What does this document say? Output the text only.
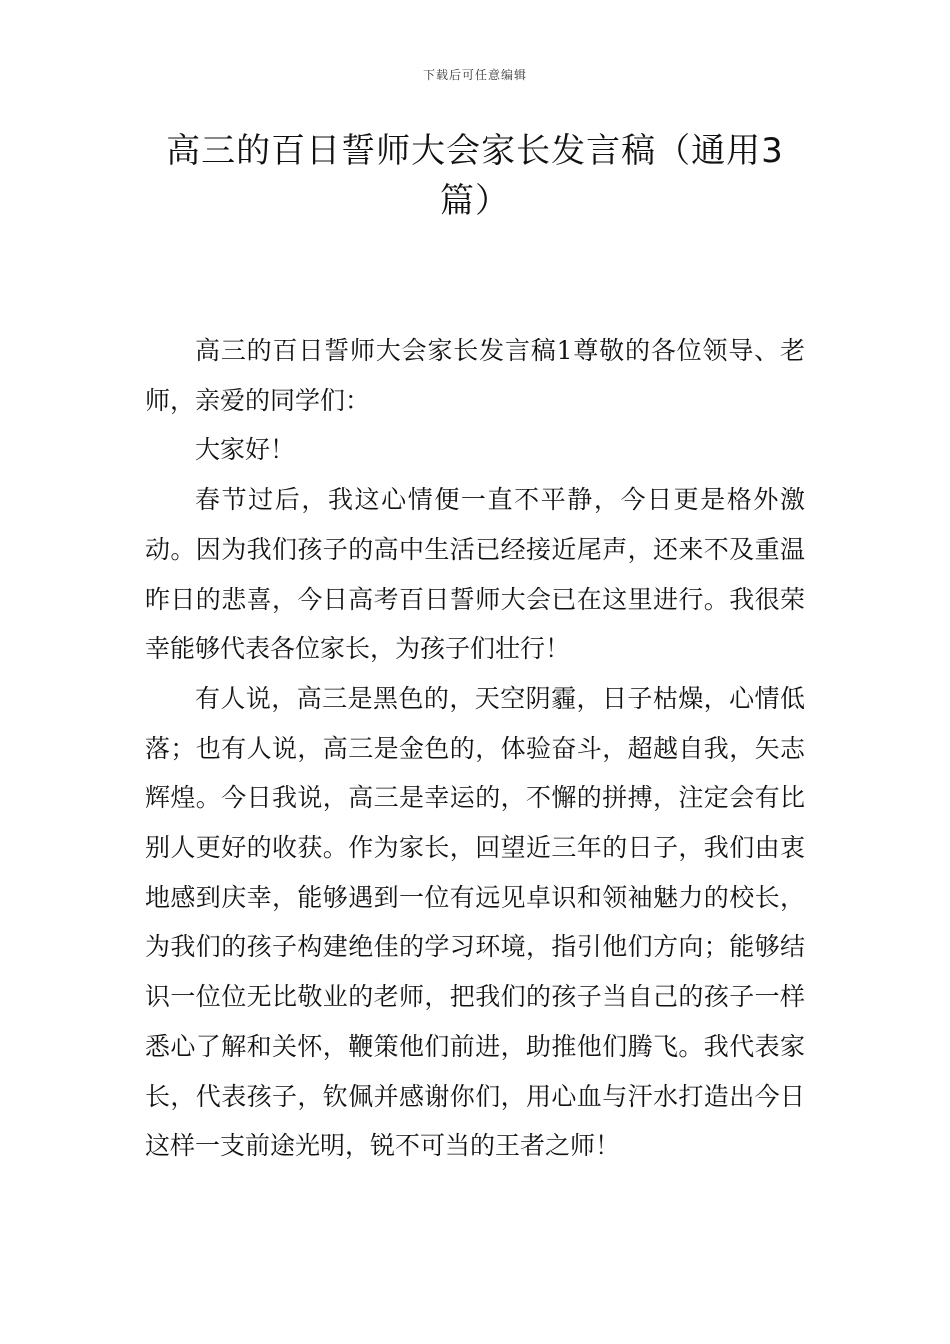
下载后可任意编辑
高三的百日誓师大会家长发言稿（通用3篇）

高三的百日誓师大会家长发言稿1尊敬的各位领导、老师，亲爱的同学们：

大家好！

春节过后，我这心情便一直不平静，今日更是格外激动。因为我们孩子的高中生活已经接近尾声，还来不及重温昨日的悲喜，今日高考百日誓师大会已在这里进行。我很荣幸能够代表各位家长，为孩子们壮行！

有人说，高三是黑色的，天空阴霾，日子枯燥，心情低落；也有人说，高三是金色的，体验奋斗，超越自我，矢志辉煌。今日我说，高三是幸运的，不懈的拼搏，注定会有比别人更好的收获。作为家长，回望近三年的日子，我们由衷地感到庆幸，能够遇到一位有远见卓识和领袖魅力的校长，为我们的孩子构建绝佳的学习环境，指引他们方向；能够结识一位位无比敬业的老师，把我们的孩子当自己的孩子一样悉心了解和关怀，鞭策他们前进，助推他们腾飞。我代表家长，代表孩子，钦佩并感谢你们，用心血与汗水打造出今日这样一支前途光明，锐不可当的王者之师！
